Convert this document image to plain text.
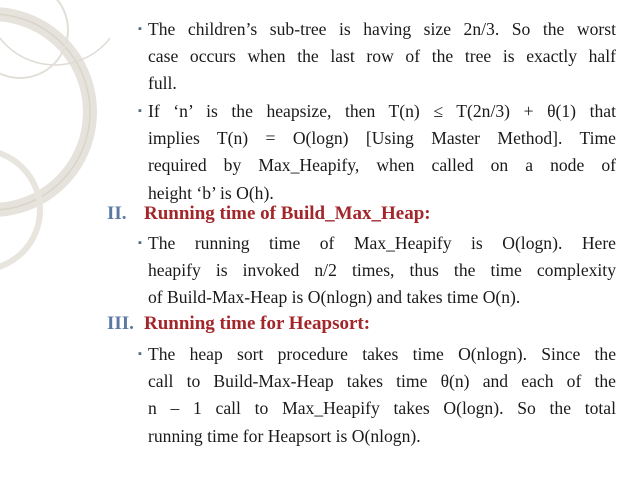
▪ The children’s sub-tree is having size 2n/3. So the worst
case occurs when the last row of the tree is exactly half
full.
▪ If ‘n’ is the heapsize, then T(n) ≤ T(2n/3) + θ(1) that
implies T(n) = O(logn) [Using Master Method]. Time
required by Max_Heapify, when called on a node of
height ‘b’ is O(h).
II. Running time of Build_Max_Heap:
▪ The running time of Max_Heapify is O(logn). Here
heapify is invoked n/2 times, thus the time complexity
of Build-Max-Heap is O(nlogn) and takes time O(n).
III. Running time for Heapsort:
▪ The heap sort procedure takes time O(nlogn). Since the
call to Build-Max-Heap takes time θ(n) and each of the
n – 1 call to Max_Heapify takes O(logn). So the total
running time for Heapsort is O(nlogn).
